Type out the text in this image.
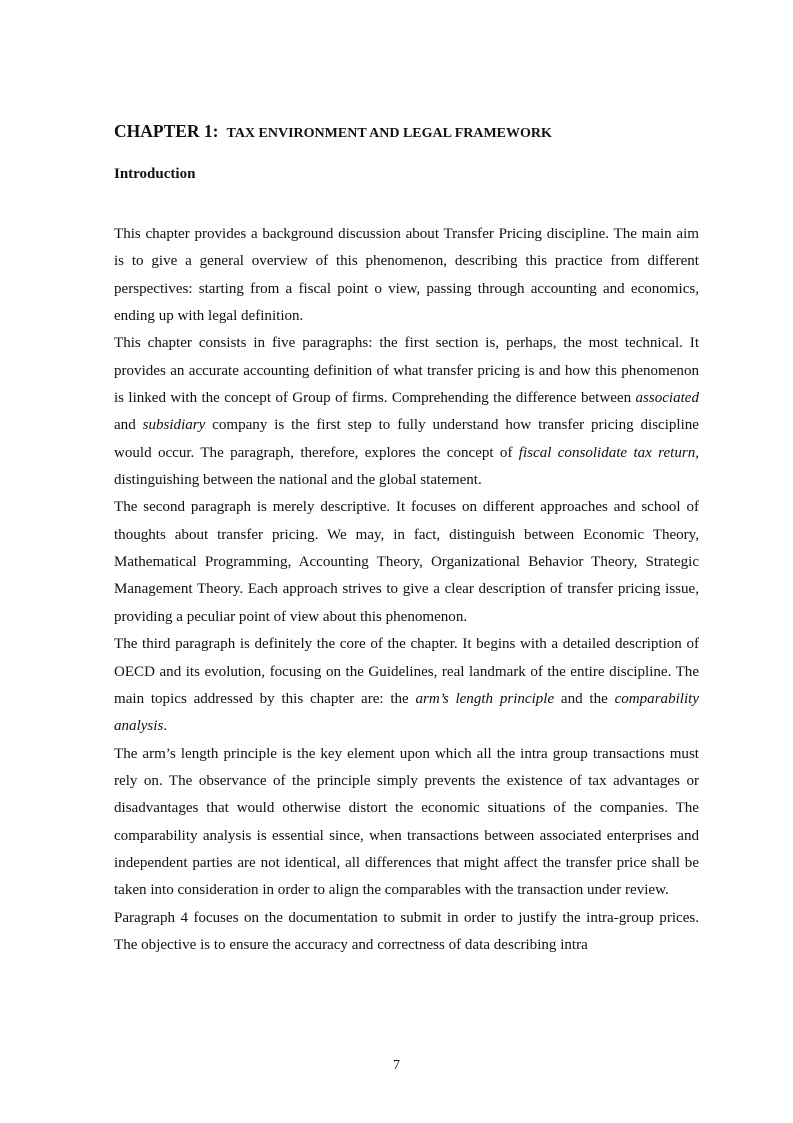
CHAPTER 1: TAX ENVIRONMENT AND LEGAL FRAMEWORK
Introduction

This chapter provides a background discussion about Transfer Pricing discipline. The main aim is to give a general overview of this phenomenon, describing this practice from different perspectives: starting from a fiscal point o view, passing through accounting and economics, ending up with legal definition.

This chapter consists in five paragraphs: the first section is, perhaps, the most technical. It provides an accurate accounting definition of what transfer pricing is and how this phenomenon is linked with the concept of Group of firms. Comprehending the difference between associated and subsidiary company is the first step to fully understand how transfer pricing discipline would occur. The paragraph, therefore, explores the concept of fiscal consolidate tax return, distinguishing between the national and the global statement.

The second paragraph is merely descriptive. It focuses on different approaches and school of thoughts about transfer pricing. We may, in fact, distinguish between Economic Theory, Mathematical Programming, Accounting Theory, Organizational Behavior Theory, Strategic Management Theory. Each approach strives to give a clear description of transfer pricing issue, providing a peculiar point of view about this phenomenon.

The third paragraph is definitely the core of the chapter. It begins with a detailed description of OECD and its evolution, focusing on the Guidelines, real landmark of the entire discipline. The main topics addressed by this chapter are: the arm’s length principle and the comparability analysis.

The arm’s length principle is the key element upon which all the intra group transactions must rely on. The observance of the principle simply prevents the existence of tax advantages or disadvantages that would otherwise distort the economic situations of the companies. The comparability analysis is essential since, when transactions between associated enterprises and independent parties are not identical, all differences that might affect the transfer price shall be taken into consideration in order to align the comparables with the transaction under review.

Paragraph 4 focuses on the documentation to submit in order to justify the intra-group prices. The objective is to ensure the accuracy and correctness of data describing intra

7
